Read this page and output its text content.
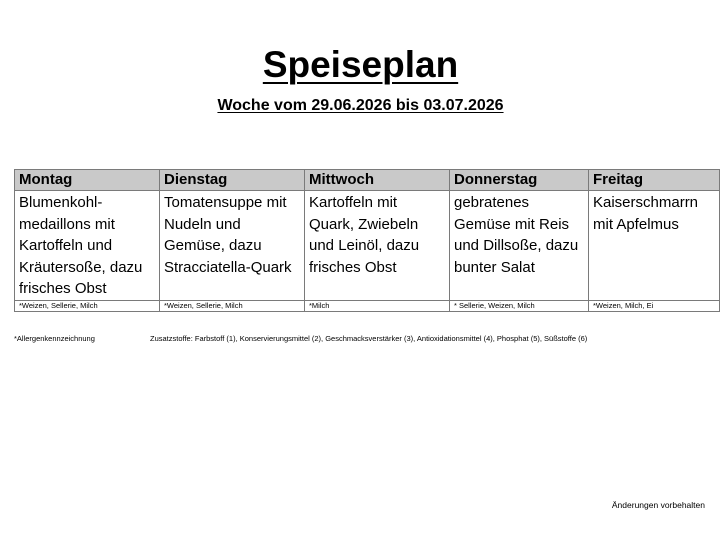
Speiseplan
Woche vom 29.06.2026 bis 03.07.2026
Montag	Dienstag	Mittwoch	Donnerstag	Freitag
Blumenkohl-medaillons mit Kartoffeln und Kräutersoße, dazu frisches Obst	Tomatensuppe mit Nudeln und Gemüse, dazu Stracciatella-Quark	Kartoffeln mit Quark, Zwiebeln und Leinöl, dazu frisches Obst	gebratenes Gemüse mit Reis und Dillsoße, dazu bunter Salat	Kaiserschmarrn mit Apfelmus
*Weizen, Sellerie, Milch	*Weizen, Sellerie, Milch	*Milch	* Sellerie, Weizen, Milch	*Weizen, Milch, Ei
*Allergenkennzeichnung	Zusatzstoffe: Farbstoff (1), Konservierungsmittel (2), Geschmacksverstärker (3), Antioxidationsmittel (4), Phosphat (5), Süßstoffe (6)
Änderungen vorbehalten
